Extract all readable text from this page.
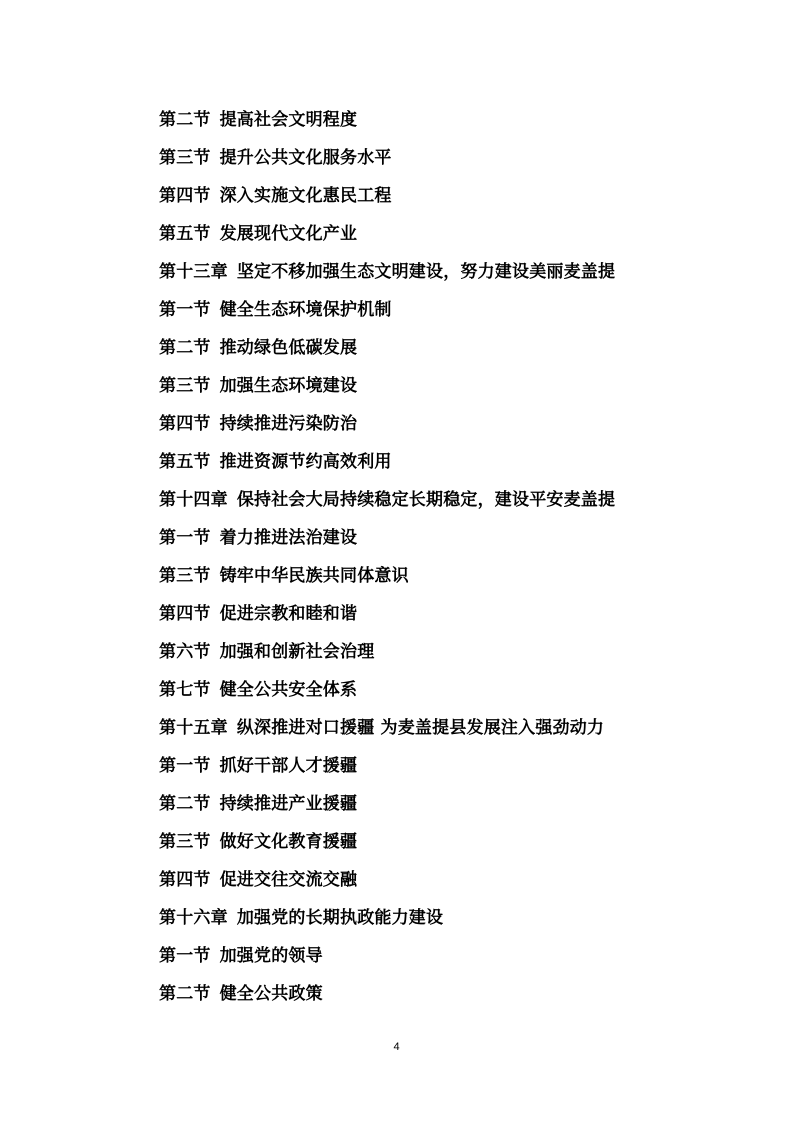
第二节 提高社会文明程度
第三节 提升公共文化服务水平
第四节 深入实施文化惠民工程
第五节 发展现代文化产业
第十三章 坚定不移加强生态文明建设，努力建设美丽麦盖提
第一节 健全生态环境保护机制
第二节 推动绿色低碳发展
第三节 加强生态环境建设
第四节 持续推进污染防治
第五节 推进资源节约高效利用
第十四章 保持社会大局持续稳定长期稳定，建设平安麦盖提
第一节 着力推进法治建设
第三节 铸牢中华民族共同体意识
第四节 促进宗教和睦和谐
第六节 加强和创新社会治理
第七节 健全公共安全体系
第十五章 纵深推进对口援疆 为麦盖提县发展注入强劲动力
第一节 抓好干部人才援疆
第二节 持续推进产业援疆
第三节 做好文化教育援疆
第四节 促进交往交流交融
第十六章 加强党的长期执政能力建设
第一节 加强党的领导
第二节 健全公共政策
4
